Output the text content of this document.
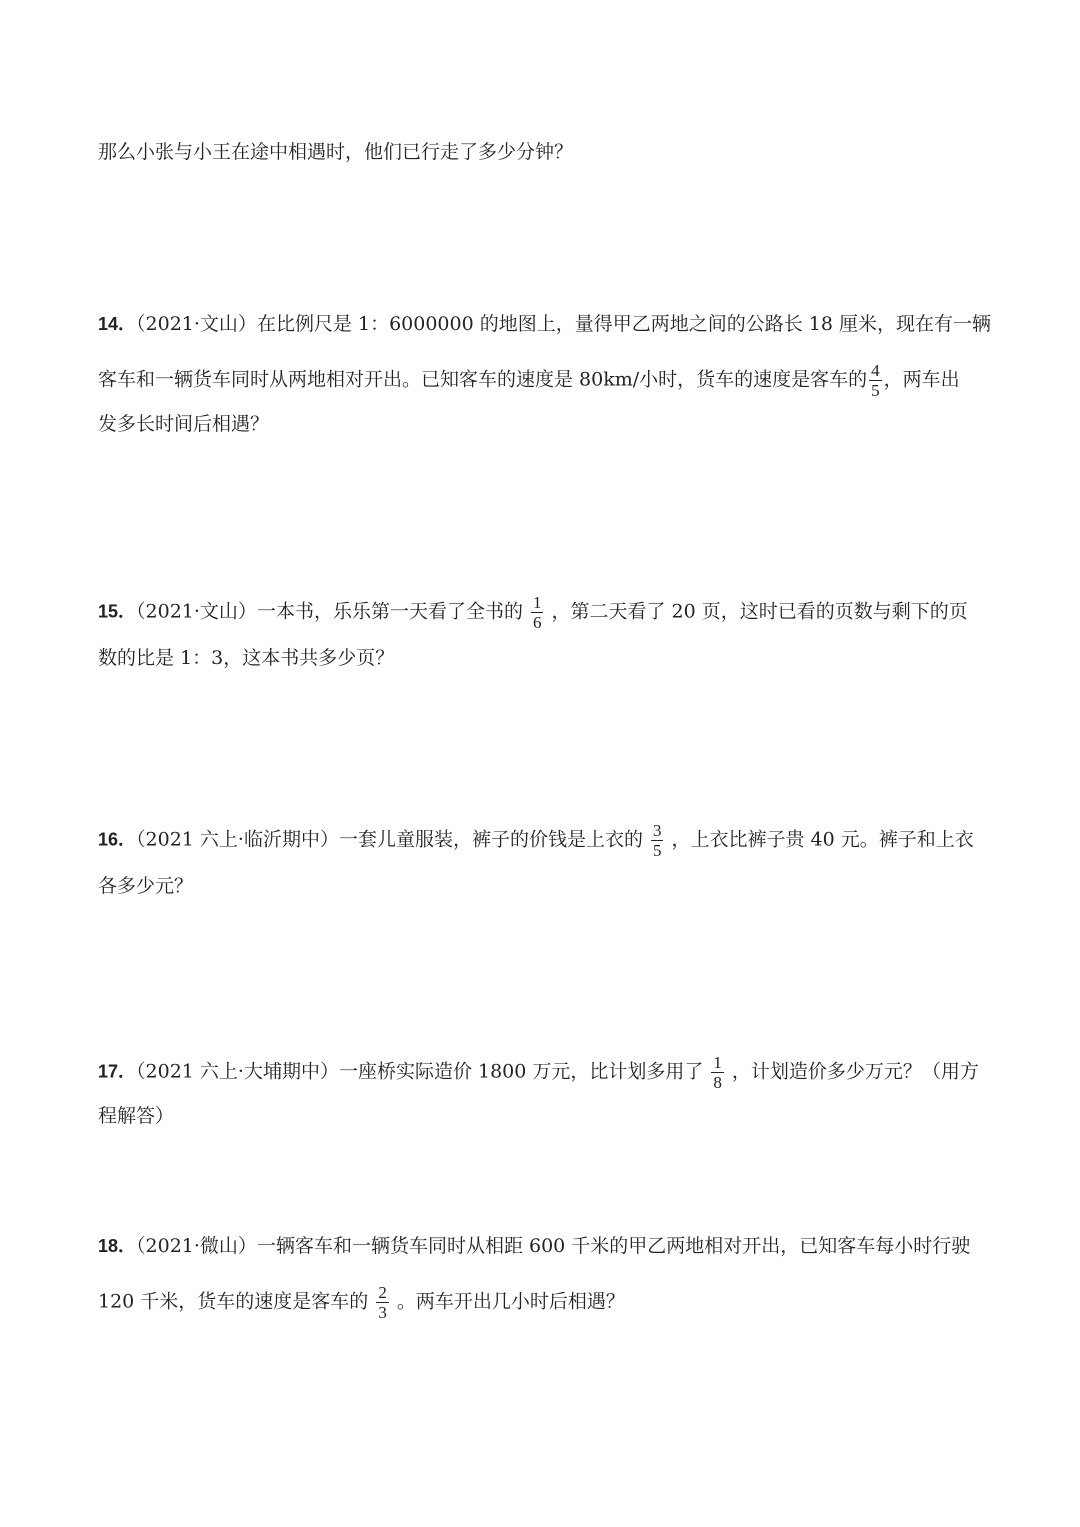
那么小张与小王在途中相遇时，他们已行走了多少分钟？
14．（2021·文山）在比例尺是 1：6000000 的地图上，量得甲乙两地之间的公路长 18 厘米，现在有一辆
客车和一辆货车同时从两地相对开出。已知客车的速度是 80km/小时，货车的速度是客车的 $\frac{4}{5}$ ，两车出
发多长时间后相遇？
15．（2021·文山）一本书，乐乐第一天看了全书的 $\frac{1}{6}$ ，第二天看了 20 页，这时已看的页数与剩下的页
数的比是 1：3，这本书共多少页？
16．（2021 六上·临沂期中）一套儿童服装，裤子的价钱是上衣的 $\frac{3}{5}$ ，上衣比裤子贵 40 元。裤子和上衣
各多少元？
17．（2021 六上·大埔期中）一座桥实际造价 1800 万元，比计划多用了 $\frac{1}{8}$ ，计划造价多少万元？（用方
程解答）
18．（2021·微山）一辆客车和一辆货车同时从相距 600 千米的甲乙两地相对开出，已知客车每小时行驶
120 千米，货车的速度是客车的 $\frac{2}{3}$ 。两车开出几小时后相遇？
